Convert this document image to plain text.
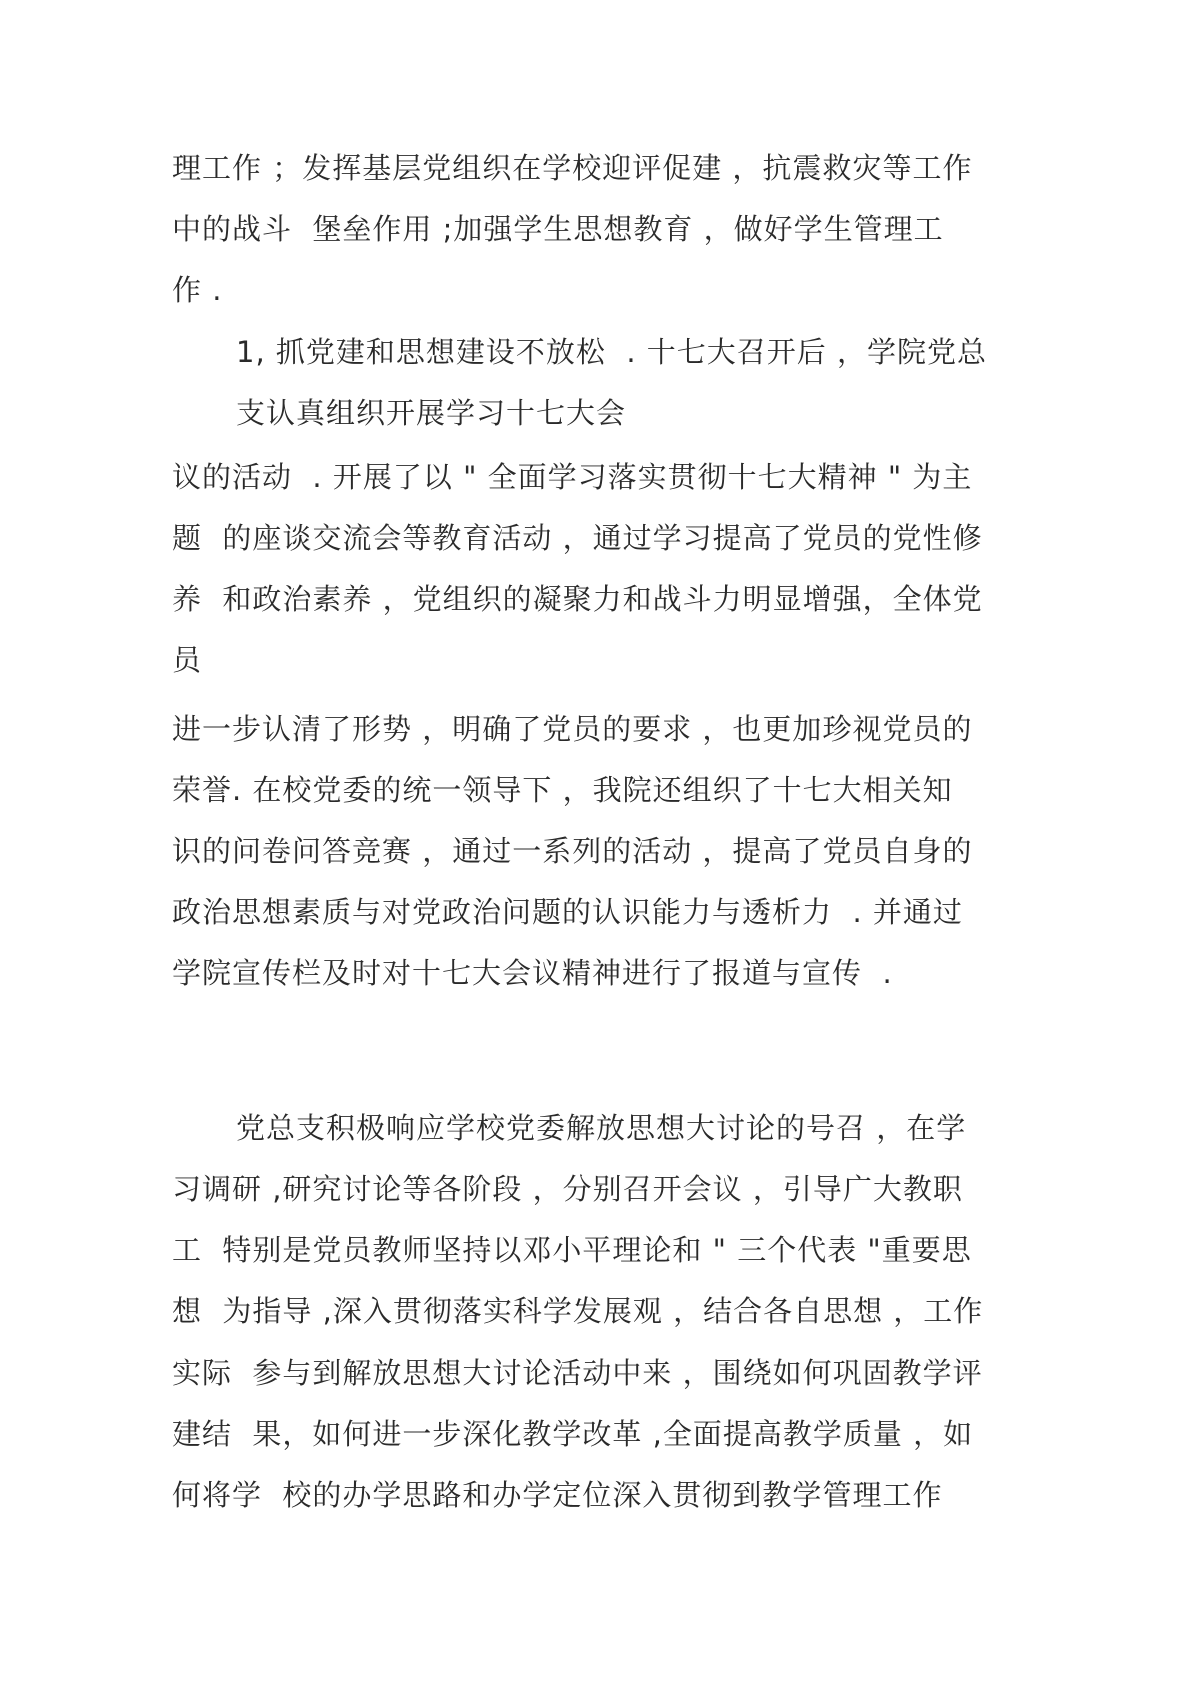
理工作 ；发挥基层党组织在学校迎评促建 ，抗震救灾等工作
中的战斗  堡垒作用 ;加强学生思想教育 ，做好学生管理工
作 .
1, 抓党建和思想建设不放松  . 十七大召开后 ，学院党总
支认真组织开展学习十七大会
议的活动  . 开展了以 " 全面学习落实贯彻十七大精神 " 为主
题  的座谈交流会等教育活动 ，通过学习提高了党员的党性修
养  和政治素养 ，党组织的凝聚力和战斗力明显增强，全体党
员
进一步认清了形势 ，明确了党员的要求 ，也更加珍视党员的
荣誉. 在校党委的统一领导下 ，我院还组织了十七大相关知
识的问卷问答竞赛 ，通过一系列的活动 ，提高了党员自身的
政治思想素质与对党政治问题的认识能力与透析力  . 并通过
学院宣传栏及时对十七大会议精神进行了报道与宣传  .
党总支积极响应学校党委解放思想大讨论的号召 ，在学
习调研 ,研究讨论等各阶段 ，分别召开会议 ，引导广大教职
工  特别是党员教师坚持以邓小平理论和 " 三个代表 "重要思
想  为指导 ,深入贯彻落实科学发展观 ，结合各自思想 ，工作
实际  参与到解放思想大讨论活动中来 ，围绕如何巩固教学评
建结  果，如何进一步深化教学改革 ,全面提高教学质量 ，如
何将学  校的办学思路和办学定位深入贯彻到教学管理工作
